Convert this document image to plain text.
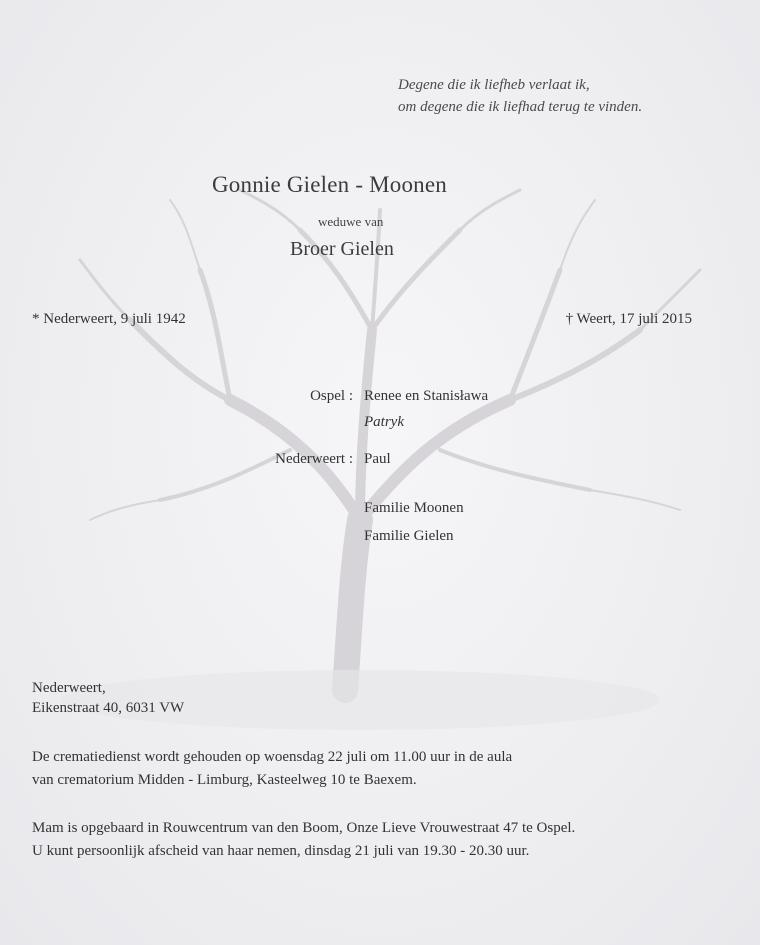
Degene die ik liefheb verlaat ik,
om degene die ik liefhad terug te vinden.
Gonnie Gielen - Moonen
weduwe van
Broer Gielen
* Nederweert, 9 juli 1942	† Weert, 17 juli 2015
Ospel : Renee en Stanisława
Patryk
Nederweert : Paul
Familie Moonen
Familie Gielen
Nederweert,
Eikenstraat 40, 6031 VW
De crematiedienst wordt gehouden op woensdag 22 juli om 11.00 uur in de aula
van crematorium Midden - Limburg, Kasteelweg 10 te Baexem.
Mam is opgebaard in Rouwcentrum van den Boom, Onze Lieve Vrouwestraat 47 te Ospel.
U kunt persoonlijk afscheid van haar nemen, dinsdag 21 juli van 19.30 - 20.30 uur.
